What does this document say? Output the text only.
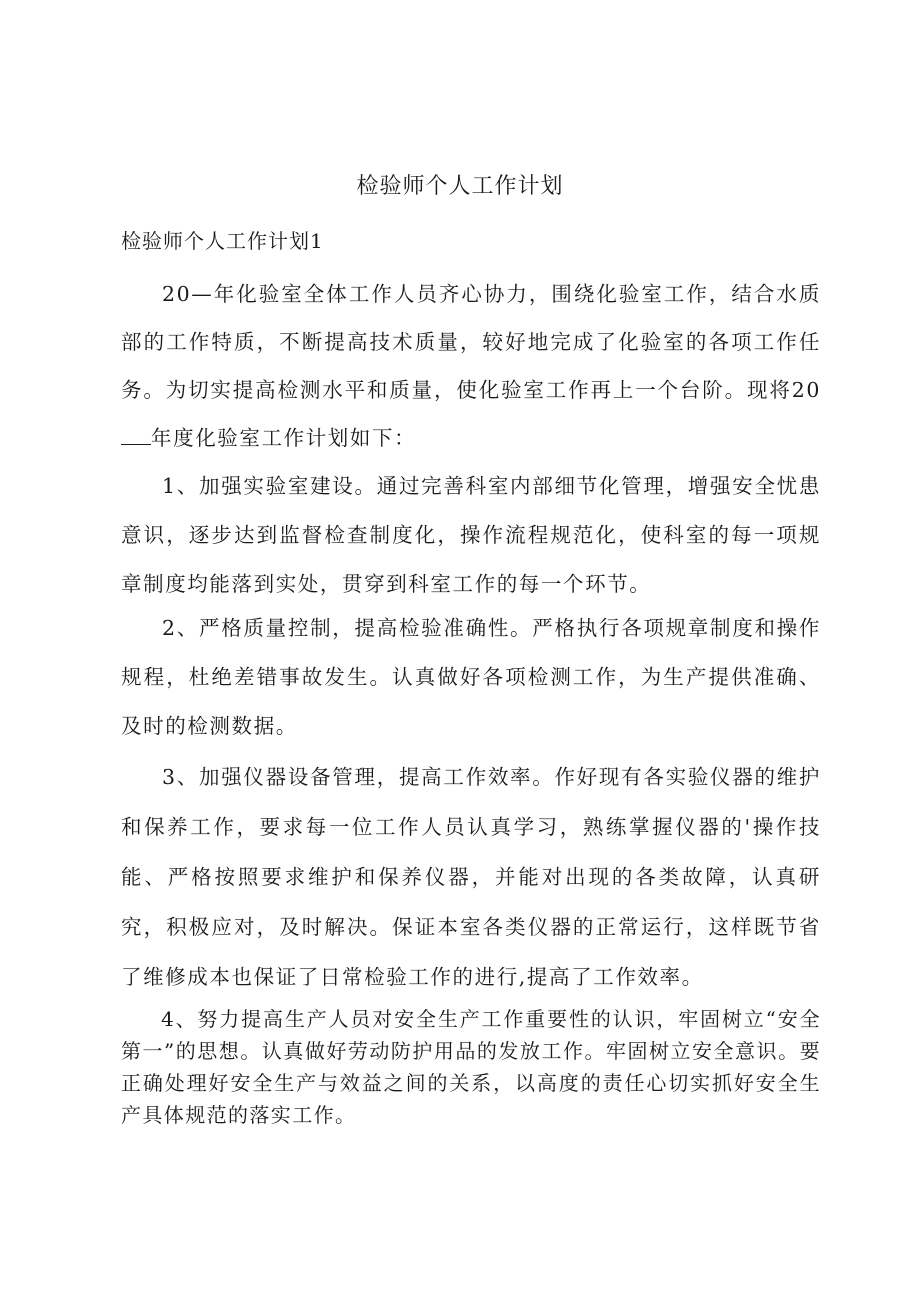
检验师个人工作计划
检验师个人工作计划1

20—年化验室全体工作人员齐心协力，围绕化验室工作，结合水质部的工作特质，不断提高技术质量，较好地完成了化验室的各项工作任务。为切实提高检测水平和质量，使化验室工作再上一个台阶。现将20年度化验室工作计划如下：

1、加强实验室建设。通过完善科室内部细节化管理，增强安全忧患意识，逐步达到监督检查制度化，操作流程规范化，使科室的每一项规章制度均能落到实处，贯穿到科室工作的每一个环节。

2、严格质量控制，提高检验准确性。严格执行各项规章制度和操作规程，杜绝差错事故发生。认真做好各项检测工作，为生产提供准确、及时的检测数据。

3、加强仪器设备管理，提高工作效率。作好现有各实验仪器的维护和保养工作，要求每一位工作人员认真学习，熟练掌握仪器的'操作技能、严格按照要求维护和保养仪器，并能对出现的各类故障，认真研究，积极应对，及时解决。保证本室各类仪器的正常运行，这样既节省了维修成本也保证了日常检验工作的进行,提高了工作效率。

4、努力提高生产人员对安全生产工作重要性的认识，牢固树立“安全第一”的思想。认真做好劳动防护用品的发放工作。牢固树立安全意识。要正确处理好安全生产与效益之间的关系，以高度的责任心切实抓好安全生产具体规范的落实工作。
